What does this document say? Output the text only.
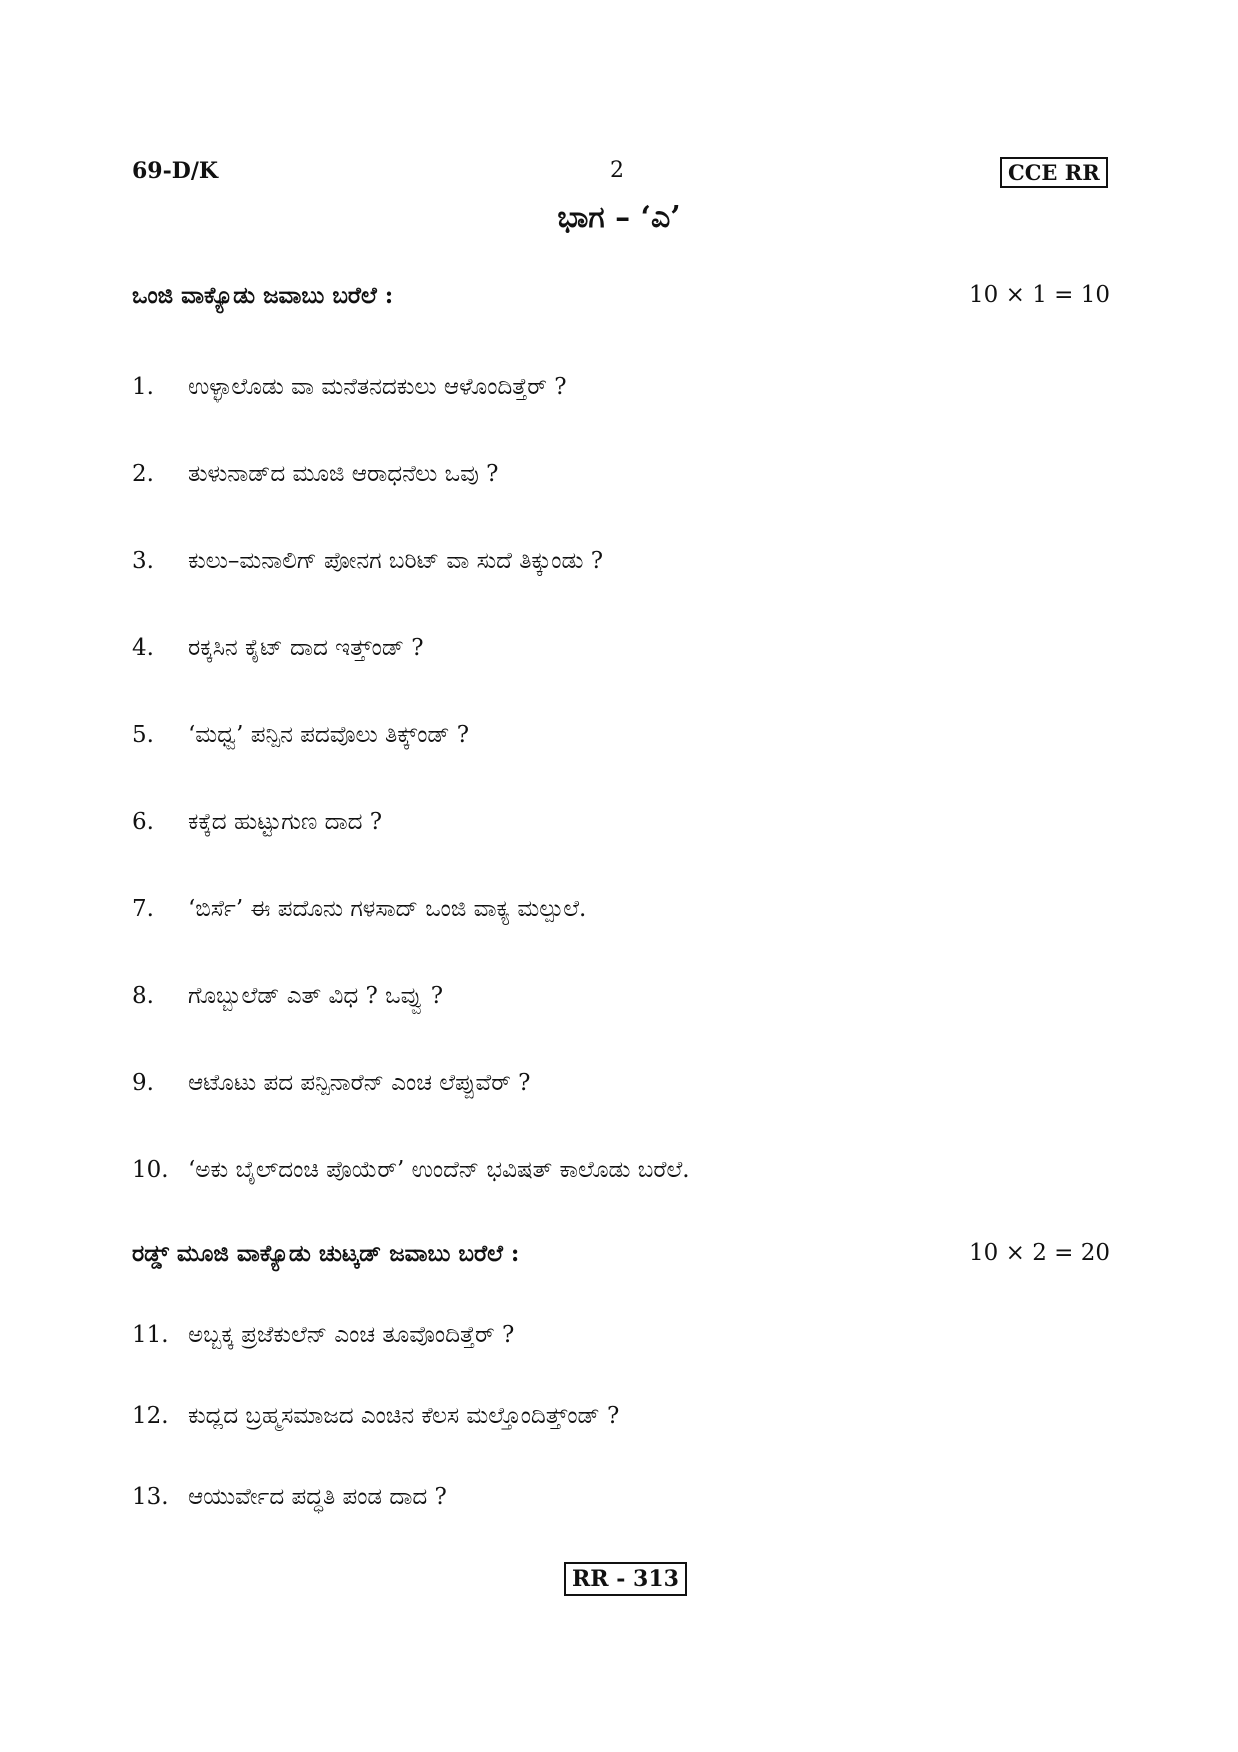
69-D/K	2	CCE RR
ಭಾಗ – ‘ಎ’
ಒಂಜಿ ವಾಕ್ಯೊಡು ಜವಾಬು ಬರೆಲೆ :	10 × 1 = 10
1. ಉಳ್ಳಾಲೊಡು ವಾ ಮನೆತನದಕುಲು ಆಳೊಂದಿತ್ತೆರ್ ?
2. ತುಳುನಾಡ್‌ದ ಮೂಜಿ ಆರಾಧನೆಲು ಒವು ?
3. ಕುಲು–ಮನಾಲಿಗ್ ಪೋನಗ ಬರಿಟ್ ವಾ ಸುದೆ ತಿಕ್ಕುಂಡು ?
4. ರಕ್ಕಸಿನ ಕೈಟ್ ದಾದ ಇತ್ತ್ಂಡ್ ?
5. ‘ಮಧ್ವ’ ಪನ್ಪಿನ ಪದವೊಲು ತಿಕ್ಕ್ಂಡ್ ?
6. ಕಕ್ಕೆದ ಹುಟ್ಟುಗುಣ ದಾದ ?
7. ‘ಬಿರ್ಸೆ’ ಈ ಪದೊನು ಗಳಸಾದ್ ಒಂಜಿ ವಾಕ್ಯ ಮಲ್ಪುಲೆ.
8. ಗೊಬ್ಬುಲೆಡ್ ಎತ್ ವಿಧ ? ಒವ್ವು ?
9. ಆಟೊಟು ಪದ ಪನ್ಪಿನಾರೆನ್ ಎಂಚ ಲೆಪ್ಪುವೆರ್ ?
10. ‘ಅಕು ಬೈಲ್‌ದಂಚಿ ಪೊಯೆರ್’ ಉಂದೆನ್ ಭವಿಷತ್ ಕಾಲೊಡು ಬರೆಲೆ.
ರಡ್ಡ್ ಮೂಜಿ ವಾಕ್ಯೊಡು ಚುಟ್ಕಡ್ ಜವಾಬು ಬರೆಲೆ :	10 × 2 = 20
11. ಅಬ್ಬಕ್ಕ ಪ್ರಜೆಕುಲೆನ್ ಎಂಚ ತೂವೊಂದಿತ್ತೆರ್ ?
12. ಕುದ್ಲದ ಬ್ರಹ್ಮಸಮಾಜದ ಎಂಚಿನ ಕೆಲಸ ಮಲ್ತೊಂದಿತ್ತ್ಂಡ್ ?
13. ಆಯುರ್ವೇದ ಪದ್ಧತಿ ಪಂಡ ದಾದ ?
RR - 313
